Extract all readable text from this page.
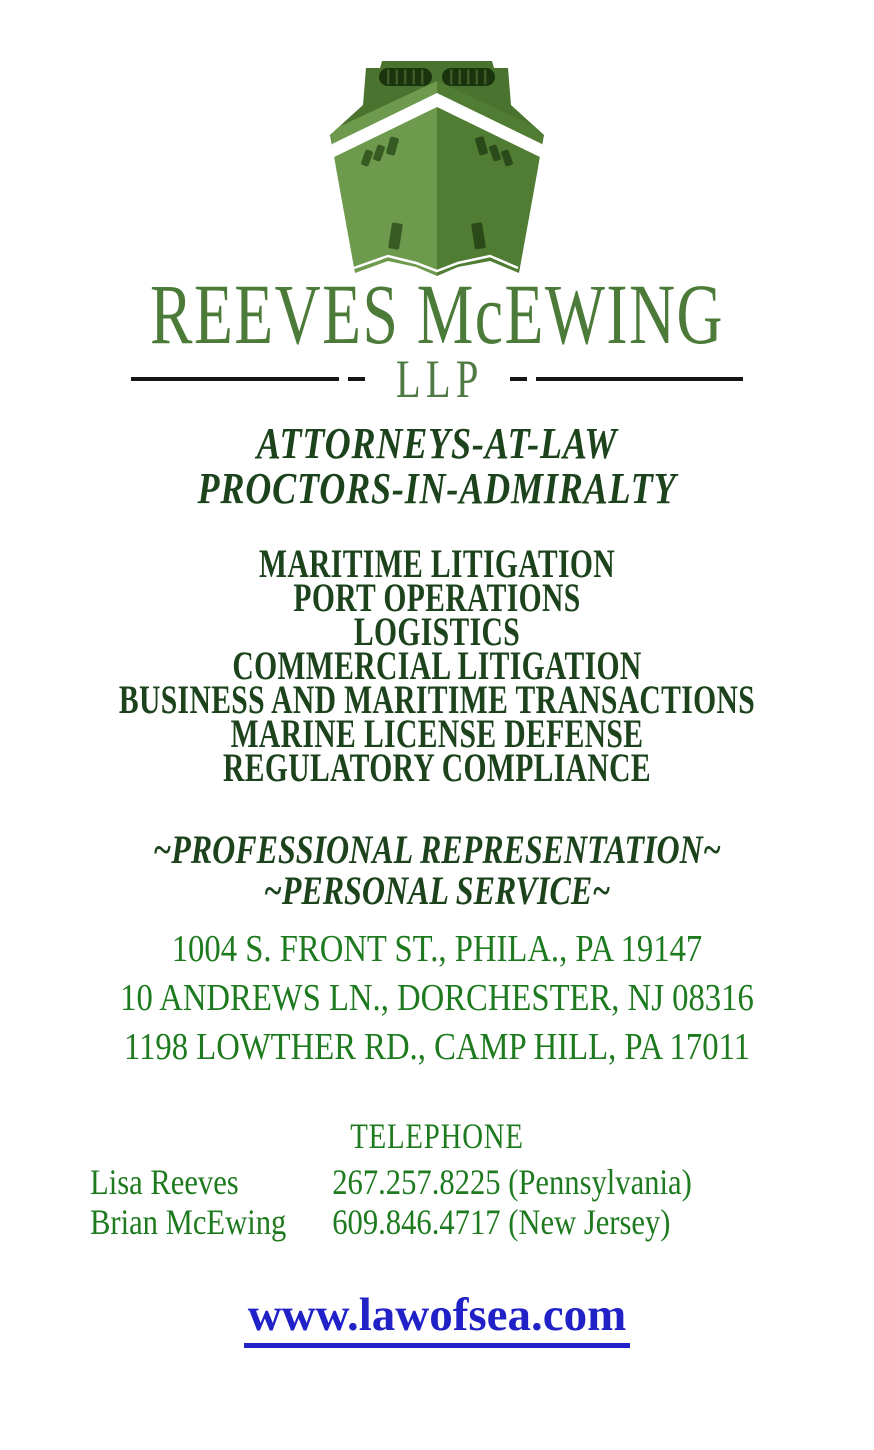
REEVES McEWING
LLP
ATTORNEYS-AT-LAW
PROCTORS-IN-ADMIRALTY
MARITIME LITIGATION
PORT OPERATIONS
LOGISTICS
COMMERCIAL LITIGATION
BUSINESS AND MARITIME TRANSACTIONS
MARINE LICENSE DEFENSE
REGULATORY COMPLIANCE
~PROFESSIONAL REPRESENTATION~
~PERSONAL SERVICE~
1004 S. FRONT ST., PHILA., PA 19147
10 ANDREWS LN., DORCHESTER, NJ 08316
1198 LOWTHER RD., CAMP HILL, PA 17011
TELEPHONE
Lisa Reeves	267.257.8225 (Pennsylvania)
Brian McEwing	609.846.4717 (New Jersey)
www.lawofsea.com
